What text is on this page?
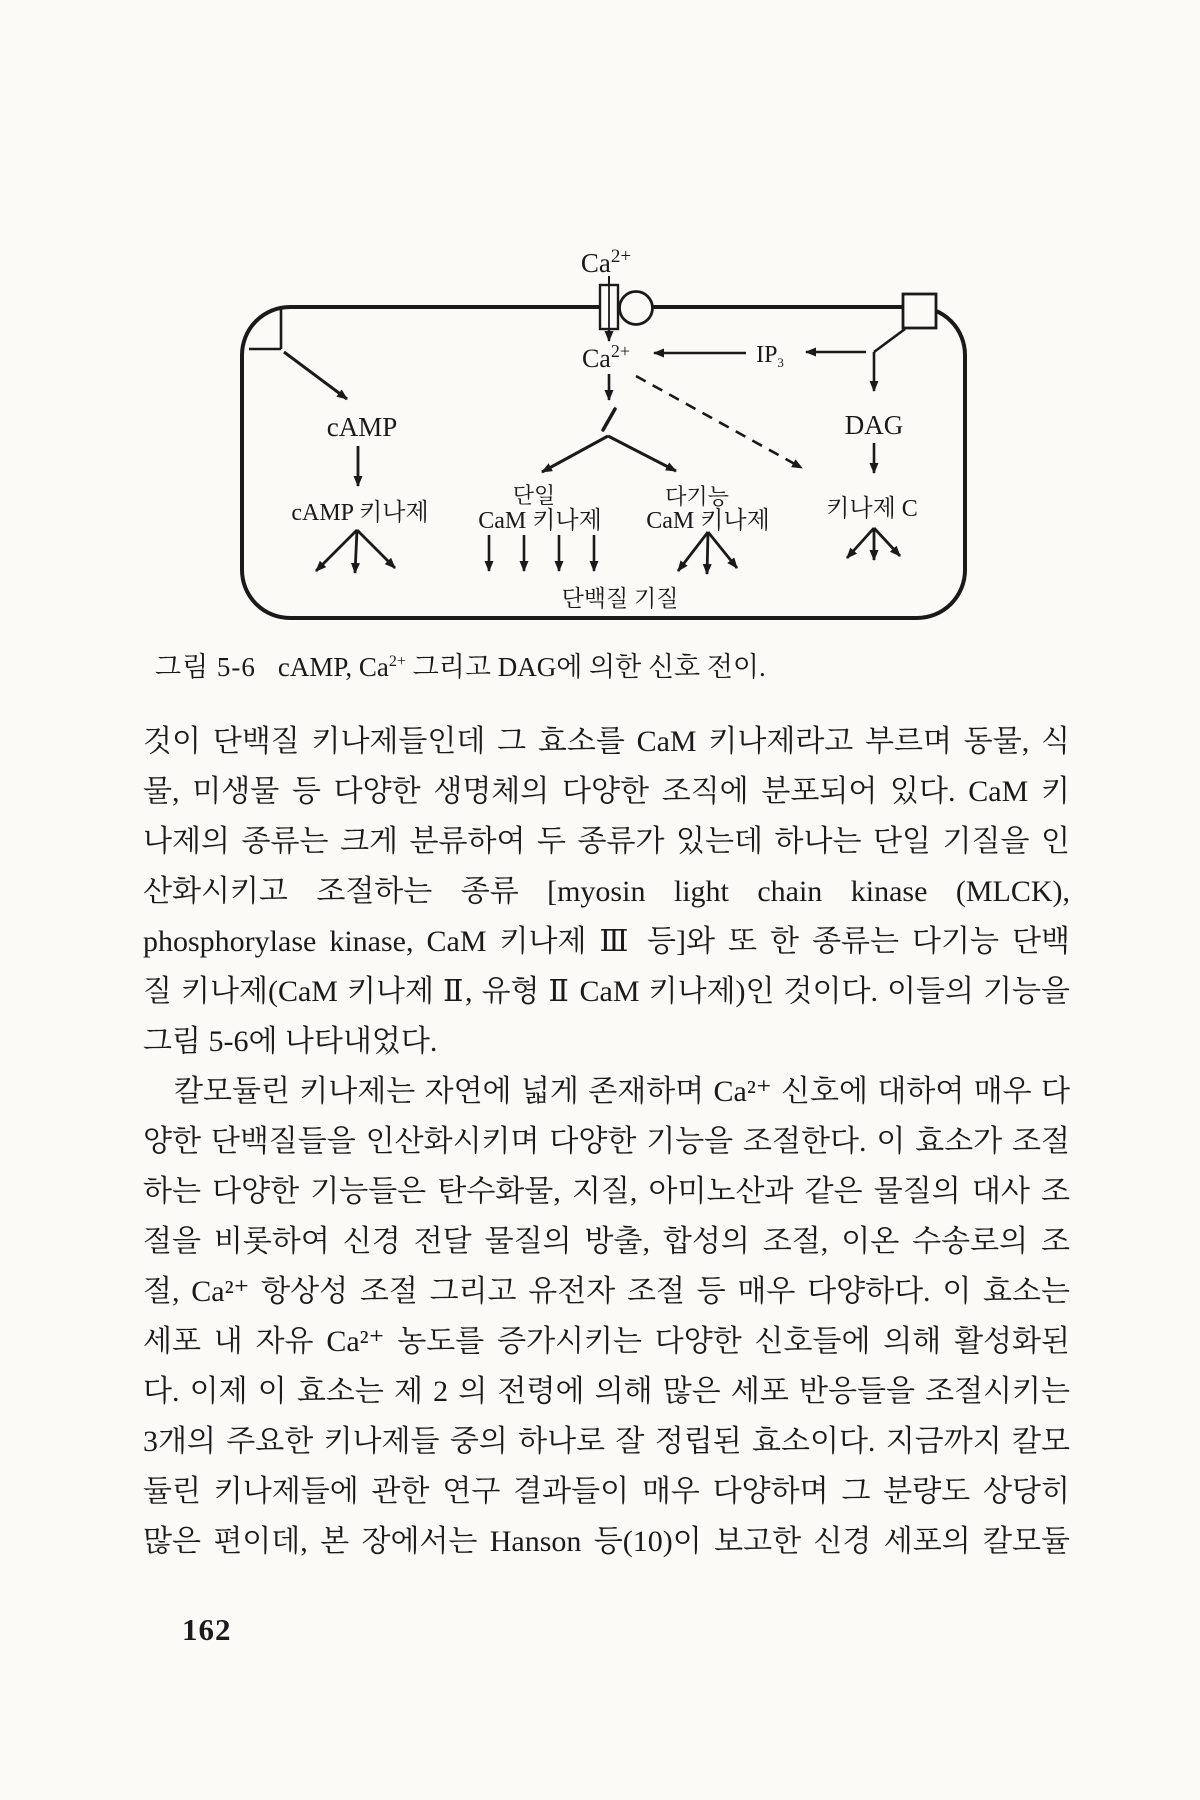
$Ca^{2+}$
$Ca^{2+}$
cAMP
cAMP 키나제
단일
CaM 키나제
다기능
CaM 키나제
$IP_3$
DAG
키나제 C
단백질 기질
그림 5-6 cAMP, $Ca^{2+}$ 그리고 DAG에 의한 신호 전이.
것이 단백질 키나제들인데 그 효소를 CaM 키나제라고 부르며 동물, 식
물, 미생물 등 다양한 생명체의 다양한 조직에 분포되어 있다. CaM 키
나제의 종류는 크게 분류하여 두 종류가 있는데 하나는 단일 기질을 인
산화시키고 조절하는 종류 [myosin light chain kinase (MLCK),
phosphorylase kinase, CaM 키나제 Ⅲ 등]와 또 한 종류는 다기능 단백
질 키나제(CaM 키나제 Ⅱ, 유형 Ⅱ CaM 키나제)인 것이다. 이들의 기능을
그림 5-6에 나타내었다.
칼모듈린 키나제는 자연에 넓게 존재하며 Ca²⁺ 신호에 대하여 매우 다
양한 단백질들을 인산화시키며 다양한 기능을 조절한다. 이 효소가 조절
하는 다양한 기능들은 탄수화물, 지질, 아미노산과 같은 물질의 대사 조
절을 비롯하여 신경 전달 물질의 방출, 합성의 조절, 이온 수송로의 조
절, Ca²⁺ 항상성 조절 그리고 유전자 조절 등 매우 다양하다. 이 효소는
세포 내 자유 Ca²⁺ 농도를 증가시키는 다양한 신호들에 의해 활성화된
다. 이제 이 효소는 제 2 의 전령에 의해 많은 세포 반응들을 조절시키는
3개의 주요한 키나제들 중의 하나로 잘 정립된 효소이다. 지금까지 칼모
듈린 키나제들에 관한 연구 결과들이 매우 다양하며 그 분량도 상당히
많은 편이데, 본 장에서는 Hanson 등(10)이 보고한 신경 세포의 칼모듈
162
